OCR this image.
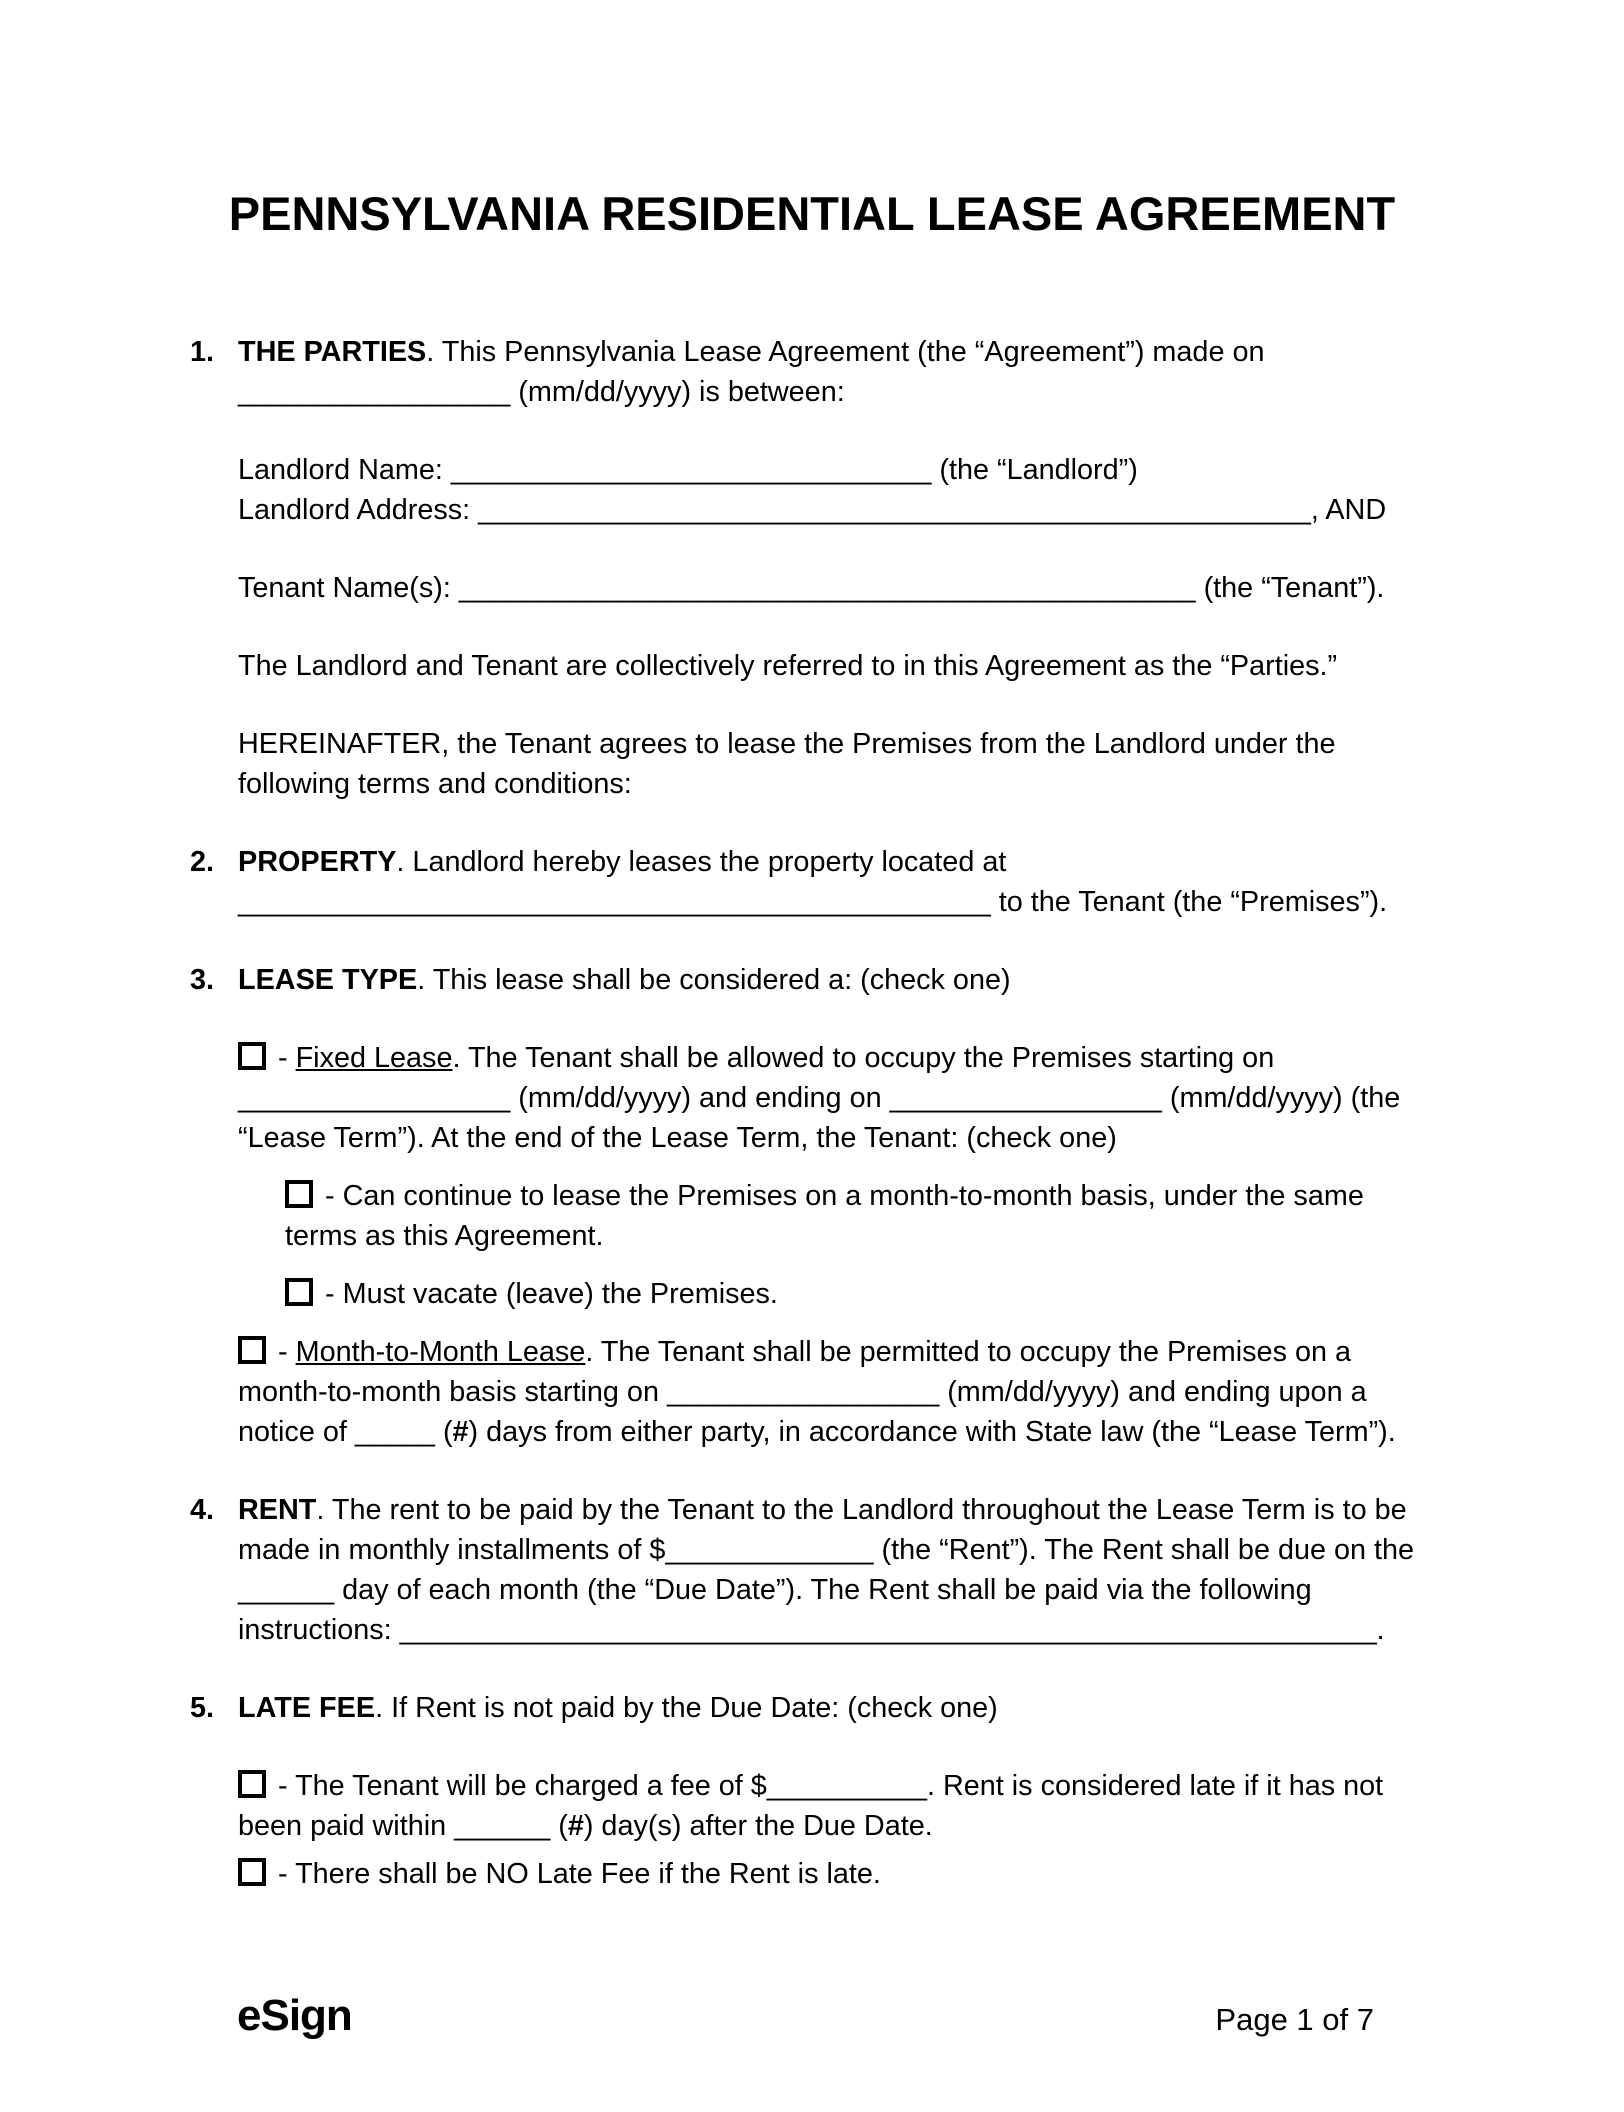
PENNSYLVANIA RESIDENTIAL LEASE AGREEMENT
1. THE PARTIES. This Pennsylvania Lease Agreement (the “Agreement”) made on _________________ (mm/dd/yyyy) is between:
Landlord Name: ______________________________ (the “Landlord”)
Landlord Address: ____________________________________________________, AND
Tenant Name(s): ______________________________________________ (the “Tenant”).
The Landlord and Tenant are collectively referred to in this Agreement as the “Parties.”
HEREINAFTER, the Tenant agrees to lease the Premises from the Landlord under the following terms and conditions:
2. PROPERTY. Landlord hereby leases the property located at _______________________________________________ to the Tenant (the “Premises”).
3. LEASE TYPE. This lease shall be considered a: (check one)
- Fixed Lease. The Tenant shall be allowed to occupy the Premises starting on _________________ (mm/dd/yyyy) and ending on _________________ (mm/dd/yyyy) (the “Lease Term”). At the end of the Lease Term, the Tenant: (check one)
- Can continue to lease the Premises on a month-to-month basis, under the same terms as this Agreement.
- Must vacate (leave) the Premises.
- Month-to-Month Lease. The Tenant shall be permitted to occupy the Premises on a month-to-month basis starting on _________________ (mm/dd/yyyy) and ending upon a notice of _____ (#) days from either party, in accordance with State law (the “Lease Term”).
4. RENT. The rent to be paid by the Tenant to the Landlord throughout the Lease Term is to be made in monthly installments of $_____________ (the “Rent”). The Rent shall be due on the ______ day of each month (the “Due Date”). The Rent shall be paid via the following instructions: _____________________________________________________________.
5. LATE FEE. If Rent is not paid by the Due Date: (check one)
- The Tenant will be charged a fee of $__________. Rent is considered late if it has not been paid within ______ (#) day(s) after the Due Date.
- There shall be NO Late Fee if the Rent is late.
eSign	Page 1 of 7
